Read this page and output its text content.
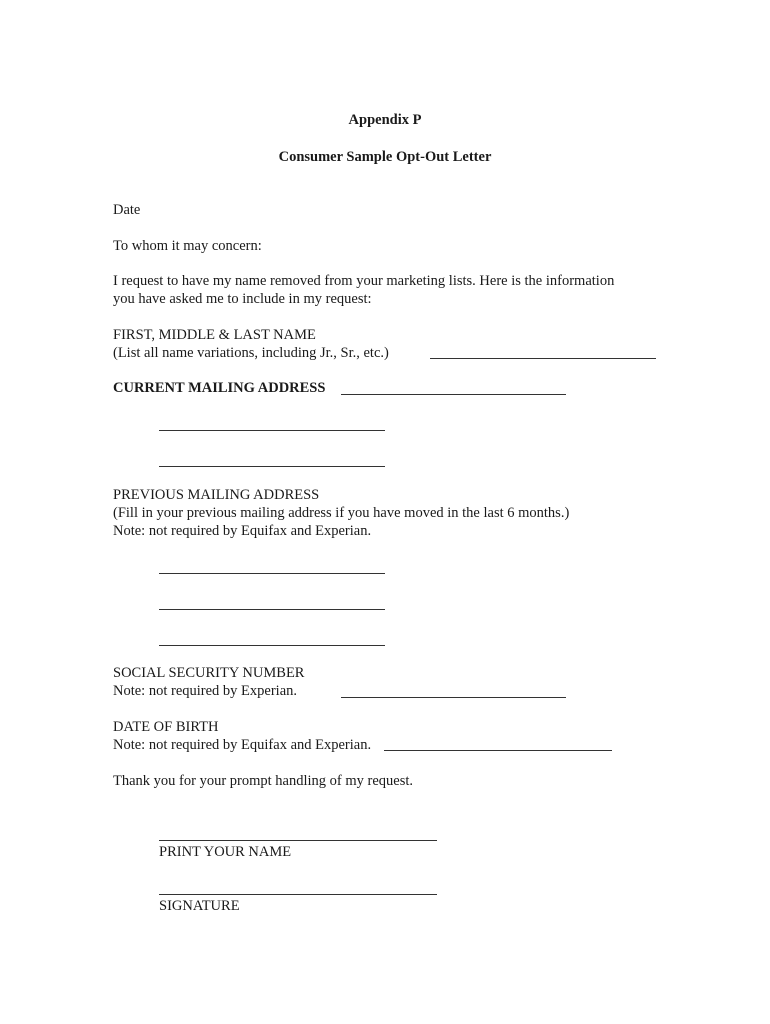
Appendix P
Consumer Sample Opt-Out Letter
Date
To whom it may concern:
I request to have my name removed from your marketing lists. Here is the information
you have asked me to include in my request:
FIRST, MIDDLE & LAST NAME
(List all name variations, including Jr., Sr., etc.)
CURRENT MAILING ADDRESS
PREVIOUS MAILING ADDRESS
(Fill in your previous mailing address if you have moved in the last 6 months.)
Note: not required by Equifax and Experian.
SOCIAL SECURITY NUMBER
Note: not required by Experian.
DATE OF BIRTH
Note: not required by Equifax and Experian.
Thank you for your prompt handling of my request.
PRINT YOUR NAME
SIGNATURE
